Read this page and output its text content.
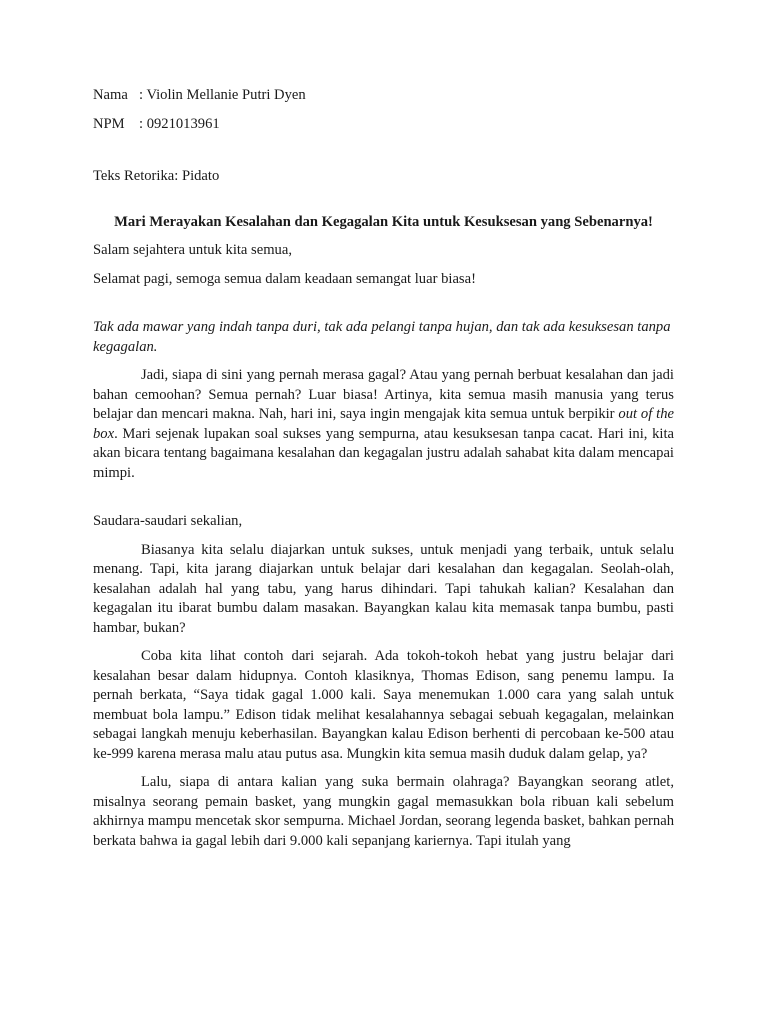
Nama : Violin Mellanie Putri Dyen
NPM : 0921013961
Teks Retorika: Pidato
Mari Merayakan Kesalahan dan Kegagalan Kita untuk Kesuksesan yang Sebenarnya!

Salam sejahtera untuk kita semua,

Selamat pagi, semoga semua dalam keadaan semangat luar biasa!

Tak ada mawar yang indah tanpa duri, tak ada pelangi tanpa hujan, dan tak ada kesuksesan tanpa kegagalan.

Jadi, siapa di sini yang pernah merasa gagal? Atau yang pernah berbuat kesalahan dan jadi bahan cemoohan? Semua pernah? Luar biasa! Artinya, kita semua masih manusia yang terus belajar dan mencari makna. Nah, hari ini, saya ingin mengajak kita semua untuk berpikir out of the box. Mari sejenak lupakan soal sukses yang sempurna, atau kesuksesan tanpa cacat. Hari ini, kita akan bicara tentang bagaimana kesalahan dan kegagalan justru adalah sahabat kita dalam mencapai mimpi.

Saudara-saudari sekalian,

Biasanya kita selalu diajarkan untuk sukses, untuk menjadi yang terbaik, untuk selalu menang. Tapi, kita jarang diajarkan untuk belajar dari kesalahan dan kegagalan. Seolah-olah, kesalahan adalah hal yang tabu, yang harus dihindari. Tapi tahukah kalian? Kesalahan dan kegagalan itu ibarat bumbu dalam masakan. Bayangkan kalau kita memasak tanpa bumbu, pasti hambar, bukan?

Coba kita lihat contoh dari sejarah. Ada tokoh-tokoh hebat yang justru belajar dari kesalahan besar dalam hidupnya. Contoh klasiknya, Thomas Edison, sang penemu lampu. Ia pernah berkata, “Saya tidak gagal 1.000 kali. Saya menemukan 1.000 cara yang salah untuk membuat bola lampu.” Edison tidak melihat kesalahannya sebagai sebuah kegagalan, melainkan sebagai langkah menuju keberhasilan. Bayangkan kalau Edison berhenti di percobaan ke-500 atau ke-999 karena merasa malu atau putus asa. Mungkin kita semua masih duduk dalam gelap, ya?

Lalu, siapa di antara kalian yang suka bermain olahraga? Bayangkan seorang atlet, misalnya seorang pemain basket, yang mungkin gagal memasukkan bola ribuan kali sebelum akhirnya mampu mencetak skor sempurna. Michael Jordan, seorang legenda basket, bahkan pernah berkata bahwa ia gagal lebih dari 9.000 kali sepanjang kariernya. Tapi itulah yang
